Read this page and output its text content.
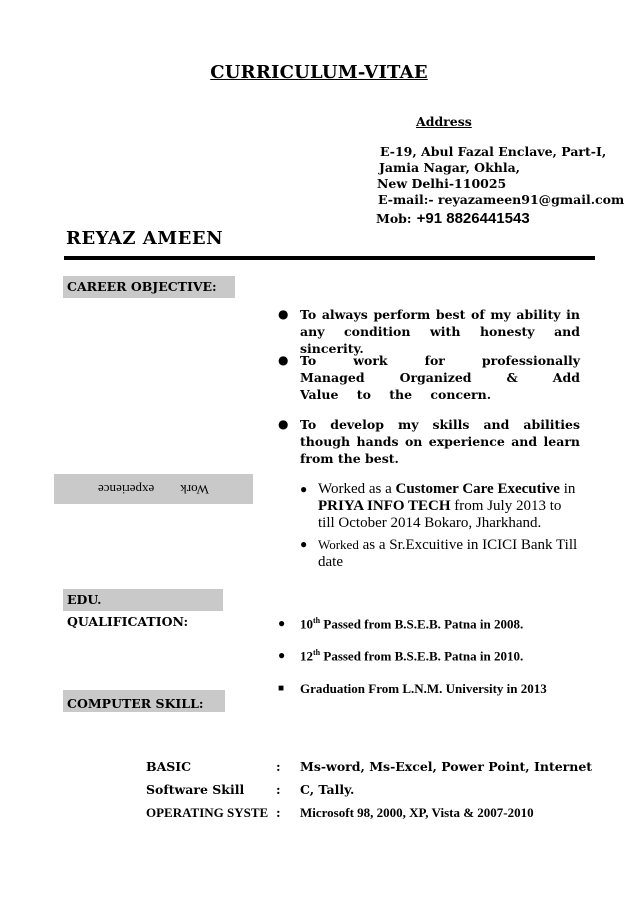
CURRICULUM-VITAE
Address
E-19, Abul Fazal Enclave, Part-I,
Jamia Nagar, Okhla,
New Delhi-110025
E-mail:- reyazameen91@gmail.com
Mob: +91 8826441543
REYAZ AMEEN
CAREER OBJECTIVE:
● To always perform best of my ability in any condition with honesty and sincerity.
● To work for professionally Managed Organized & Add Value to the concern.
● To develop my skills and abilities though hands on experience and learn from the best.
Work        experience	● Worked as a Customer Care Executive in
PRIYA INFO TECH from July 2013 to
till October 2014 Bokaro, Jharkhand.
● Worked as a Sr.Excuitive in ICICI Bank Till
date
EDU. QUALIFICATION:	● 10th Passed from B.S.E.B. Patna in 2008.
● 12th Passed from B.S.E.B. Patna in 2010.
■ Graduation From L.N.M. University in 2013
COMPUTER SKILL:
BASIC	: Ms-word, Ms-Excel, Power Point, Internet
Software Skill	: C, Tally.
OPERATING SYSTE : Microsoft 98, 2000, XP, Vista & 2007-2010
